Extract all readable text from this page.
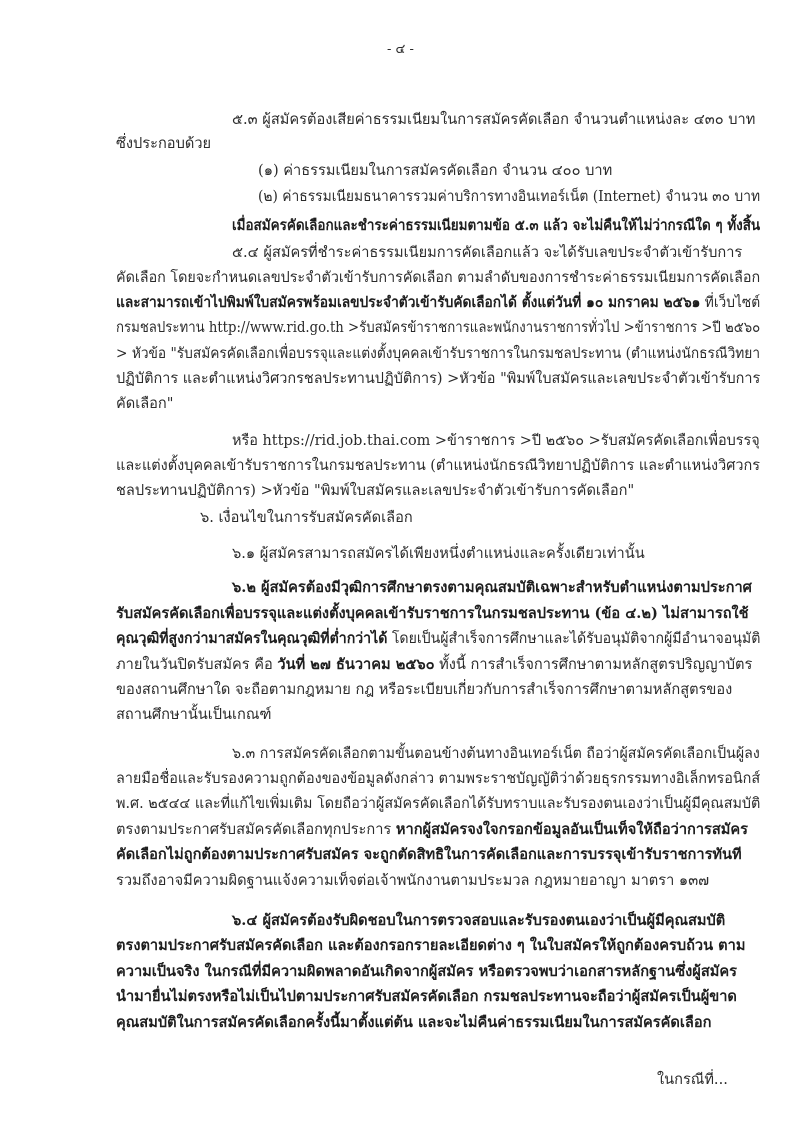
- ๔ -
๕.๓ ผู้สมัครต้องเสียค่าธรรมเนียมในการสมัครคัดเลือก จำนวนตำแหน่งละ ๔๓๐ บาท
ซึ่งประกอบด้วย
(๑) ค่าธรรมเนียมในการสมัครคัดเลือก จำนวน ๔๐๐ บาท
(๒) ค่าธรรมเนียมธนาคารรวมค่าบริการทางอินเทอร์เน็ต (Internet) จำนวน ๓๐ บาท
เมื่อสมัครคัดเลือกและชำระค่าธรรมเนียมตามข้อ ๕.๓ แล้ว จะไม่คืนให้ไม่ว่ากรณีใด ๆ ทั้งสิ้น
๕.๔ ผู้สมัครที่ชำระค่าธรรมเนียมการคัดเลือกแล้ว จะได้รับเลขประจำตัวเข้ารับการ
คัดเลือก โดยจะกำหนดเลขประจำตัวเข้ารับการคัดเลือก ตามลำดับของการชำระค่าธรรมเนียมการคัดเลือก
และสามารถเข้าไปพิมพ์ใบสมัครพร้อมเลขประจำตัวเข้ารับคัดเลือกได้ ตั้งแต่วันที่ ๑๐ มกราคม ๒๕๖๑ ที่เว็บไซต์
กรมชลประทาน http://www.rid.go.th >รับสมัครข้าราชการและพนักงานราชการทั่วไป >ข้าราชการ >ปี ๒๕๖๐
> หัวข้อ "รับสมัครคัดเลือกเพื่อบรรจุและแต่งตั้งบุคคลเข้ารับราชการในกรมชลประทาน (ตำแหน่งนักธรณีวิทยา
ปฏิบัติการ และตำแหน่งวิศวกรชลประทานปฏิบัติการ) >หัวข้อ "พิมพ์ใบสมัครและเลขประจำตัวเข้ารับการ
คัดเลือก"
หรือ https://rid.job.thai.com >ข้าราชการ >ปี ๒๕๖๐ >รับสมัครคัดเลือกเพื่อบรรจุ
และแต่งตั้งบุคคลเข้ารับราชการในกรมชลประทาน (ตำแหน่งนักธรณีวิทยาปฏิบัติการ และตำแหน่งวิศวกร
ชลประทานปฏิบัติการ) >หัวข้อ "พิมพ์ใบสมัครและเลขประจำตัวเข้ารับการคัดเลือก"
๖. เงื่อนไขในการรับสมัครคัดเลือก
๖.๑ ผู้สมัครสามารถสมัครได้เพียงหนึ่งตำแหน่งและครั้งเดียวเท่านั้น
๖.๒ ผู้สมัครต้องมีวุฒิการศึกษาตรงตามคุณสมบัติเฉพาะสำหรับตำแหน่งตามประกาศ
รับสมัครคัดเลือกเพื่อบรรจุและแต่งตั้งบุคคลเข้ารับราชการในกรมชลประทาน (ข้อ ๔.๒) ไม่สามารถใช้
คุณวุฒิที่สูงกว่ามาสมัครในคุณวุฒิที่ต่ำกว่าได้ โดยเป็นผู้สำเร็จการศึกษาและได้รับอนุมัติจากผู้มีอำนาจอนุมัติ
ภายในวันปิดรับสมัคร คือ วันที่ ๒๗ ธันวาคม ๒๕๖๐ ทั้งนี้ การสำเร็จการศึกษาตามหลักสูตรปริญญาบัตร
ของสถานศึกษาใด จะถือตามกฎหมาย กฎ หรือระเบียบเกี่ยวกับการสำเร็จการศึกษาตามหลักสูตรของ
สถานศึกษานั้นเป็นเกณฑ์
๖.๓ การสมัครคัดเลือกตามขั้นตอนข้างต้นทางอินเทอร์เน็ต ถือว่าผู้สมัครคัดเลือกเป็นผู้ลง
ลายมือชื่อและรับรองความถูกต้องของข้อมูลดังกล่าว ตามพระราชบัญญัติว่าด้วยธุรกรรมทางอิเล็กทรอนิกส์
พ.ศ. ๒๕๔๔ และที่แก้ไขเพิ่มเติม โดยถือว่าผู้สมัครคัดเลือกได้รับทราบและรับรองตนเองว่าเป็นผู้มีคุณสมบัติ
ตรงตามประกาศรับสมัครคัดเลือกทุกประการ หากผู้สมัครจงใจกรอกข้อมูลอันเป็นเท็จให้ถือว่าการสมัคร
คัดเลือกไม่ถูกต้องตามประกาศรับสมัคร จะถูกตัดสิทธิในการคัดเลือกและการบรรจุเข้ารับราชการทันที
รวมถึงอาจมีความผิดฐานแจ้งความเท็จต่อเจ้าพนักงานตามประมวล กฎหมายอาญา มาตรา ๑๓๗
๖.๔ ผู้สมัครต้องรับผิดชอบในการตรวจสอบและรับรองตนเองว่าเป็นผู้มีคุณสมบัติ
ตรงตามประกาศรับสมัครคัดเลือก และต้องกรอกรายละเอียดต่าง ๆ ในใบสมัครให้ถูกต้องครบถ้วน ตาม
ความเป็นจริง ในกรณีที่มีความผิดพลาดอันเกิดจากผู้สมัคร หรือตรวจพบว่าเอกสารหลักฐานซึ่งผู้สมัคร
นำมายื่นไม่ตรงหรือไม่เป็นไปตามประกาศรับสมัครคัดเลือก กรมชลประทานจะถือว่าผู้สมัครเป็นผู้ขาด
คุณสมบัติในการสมัครคัดเลือกครั้งนี้มาตั้งแต่ต้น และจะไม่คืนค่าธรรมเนียมในการสมัครคัดเลือก
ในกรณีที่...
